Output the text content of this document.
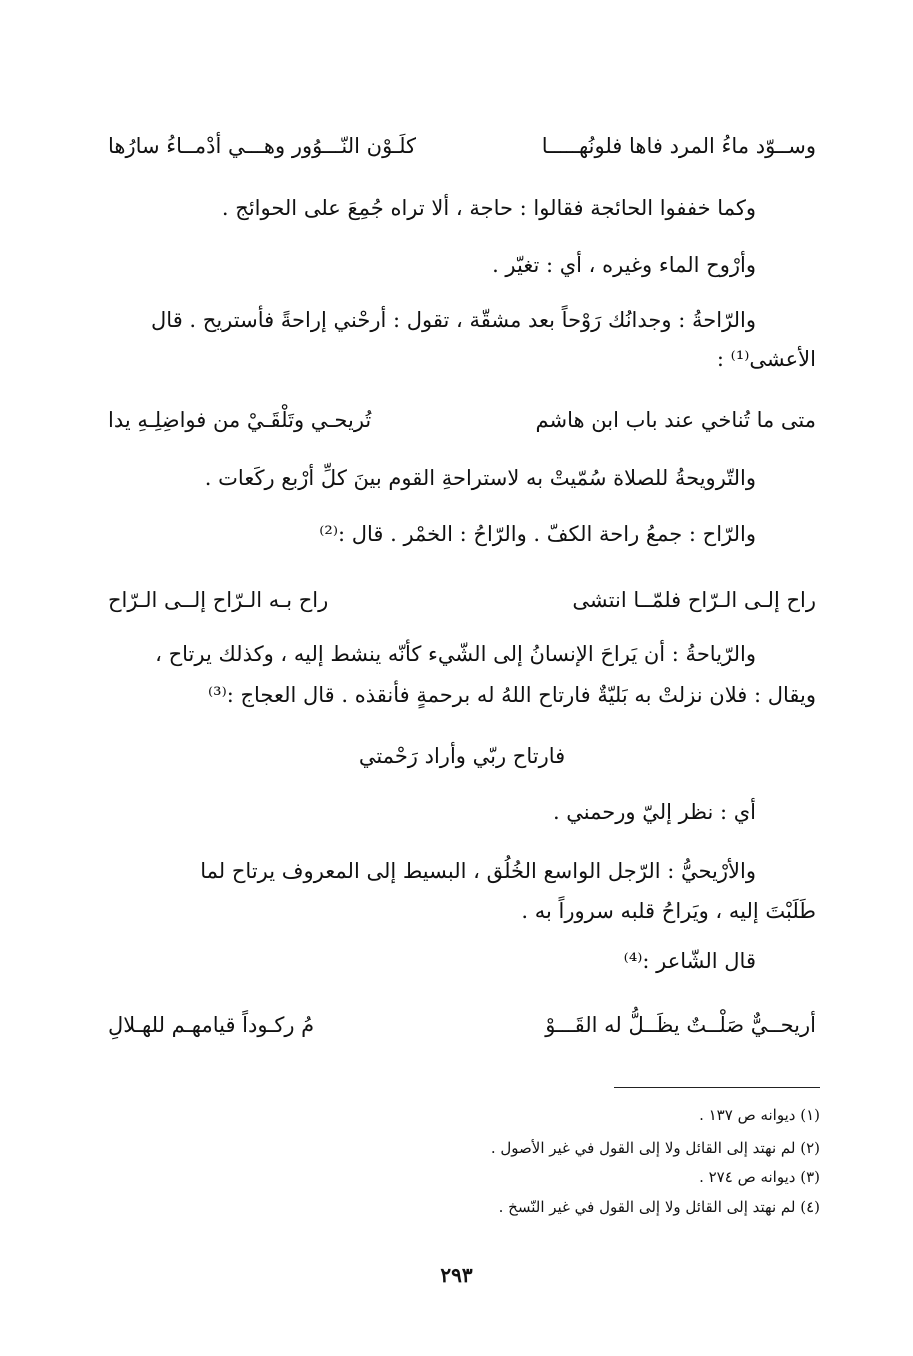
وســوّد ماءُ المرد فاها فلونُهـــــا
كلَـوْن النّـــوُور وهـــي أدْمــاءُ سارُها
وكما خففوا الحائجة فقالوا : حاجة ، ألا تراه جُمِعَ على الحوائج .
وأرْوح الماء وغيره ، أي : تغيّر .
والرّاحةُ : وجدانُك رَوْحاً بعد مشقّة ، تقول : أرحْني إراحةً فأستريح . قال
الأعشى⁽¹⁾ :
متى ما تُناخي عند باب ابن هاشم
تُريحـي وتَلْقَـيْ من فواضِلِـهِ يدا
والتّرويحةُ للصلاة سُمّيتْ به لاستراحةِ القوم بينَ كلِّ أرْبع ركَعات .
والرّاح : جمعُ راحة الكفّ . والرّاحُ : الخمْر . قال :⁽²⁾
راح إلـى الـرّاح فلمّــا انتشى
راح بـه الـرّاح إلــى الـرّاح
والرّياحةُ : أن يَراحَ الإنسانُ إلى الشّيء كأنّه ينشط إليه ، وكذلك يرتاح ،
ويقال : فلان نزلتْ به بَليّةٌ فارتاح اللهُ له برحمةٍ فأنقذه . قال العجاج :⁽³⁾
فارتاح ربّي وأراد رَحْمتي
أي : نظر إليّ ورحمني .
والأرْيحيُّ : الرّجل الواسع الخُلُق ، البسيط إلى المعروف يرتاح لما
طَلَبْتَ إليه ، ويَراحُ قلبه سروراً به .
قال الشّاعر :⁽⁴⁾
أريحــيٌّ صَلْــتٌ يظَــلُّ له القَـــوْ
مُ ركـوداً قيامهـم للهـلالِ
(١) ديوانه ص ١٣٧ .
(٢) لم نهتد إلى القائل ولا إلى القول في غير الأصول .
(٣) ديوانه ص ٢٧٤ .
(٤) لم نهتد إلى القائل ولا إلى القول في غير النّسخ .
٢٩٣
